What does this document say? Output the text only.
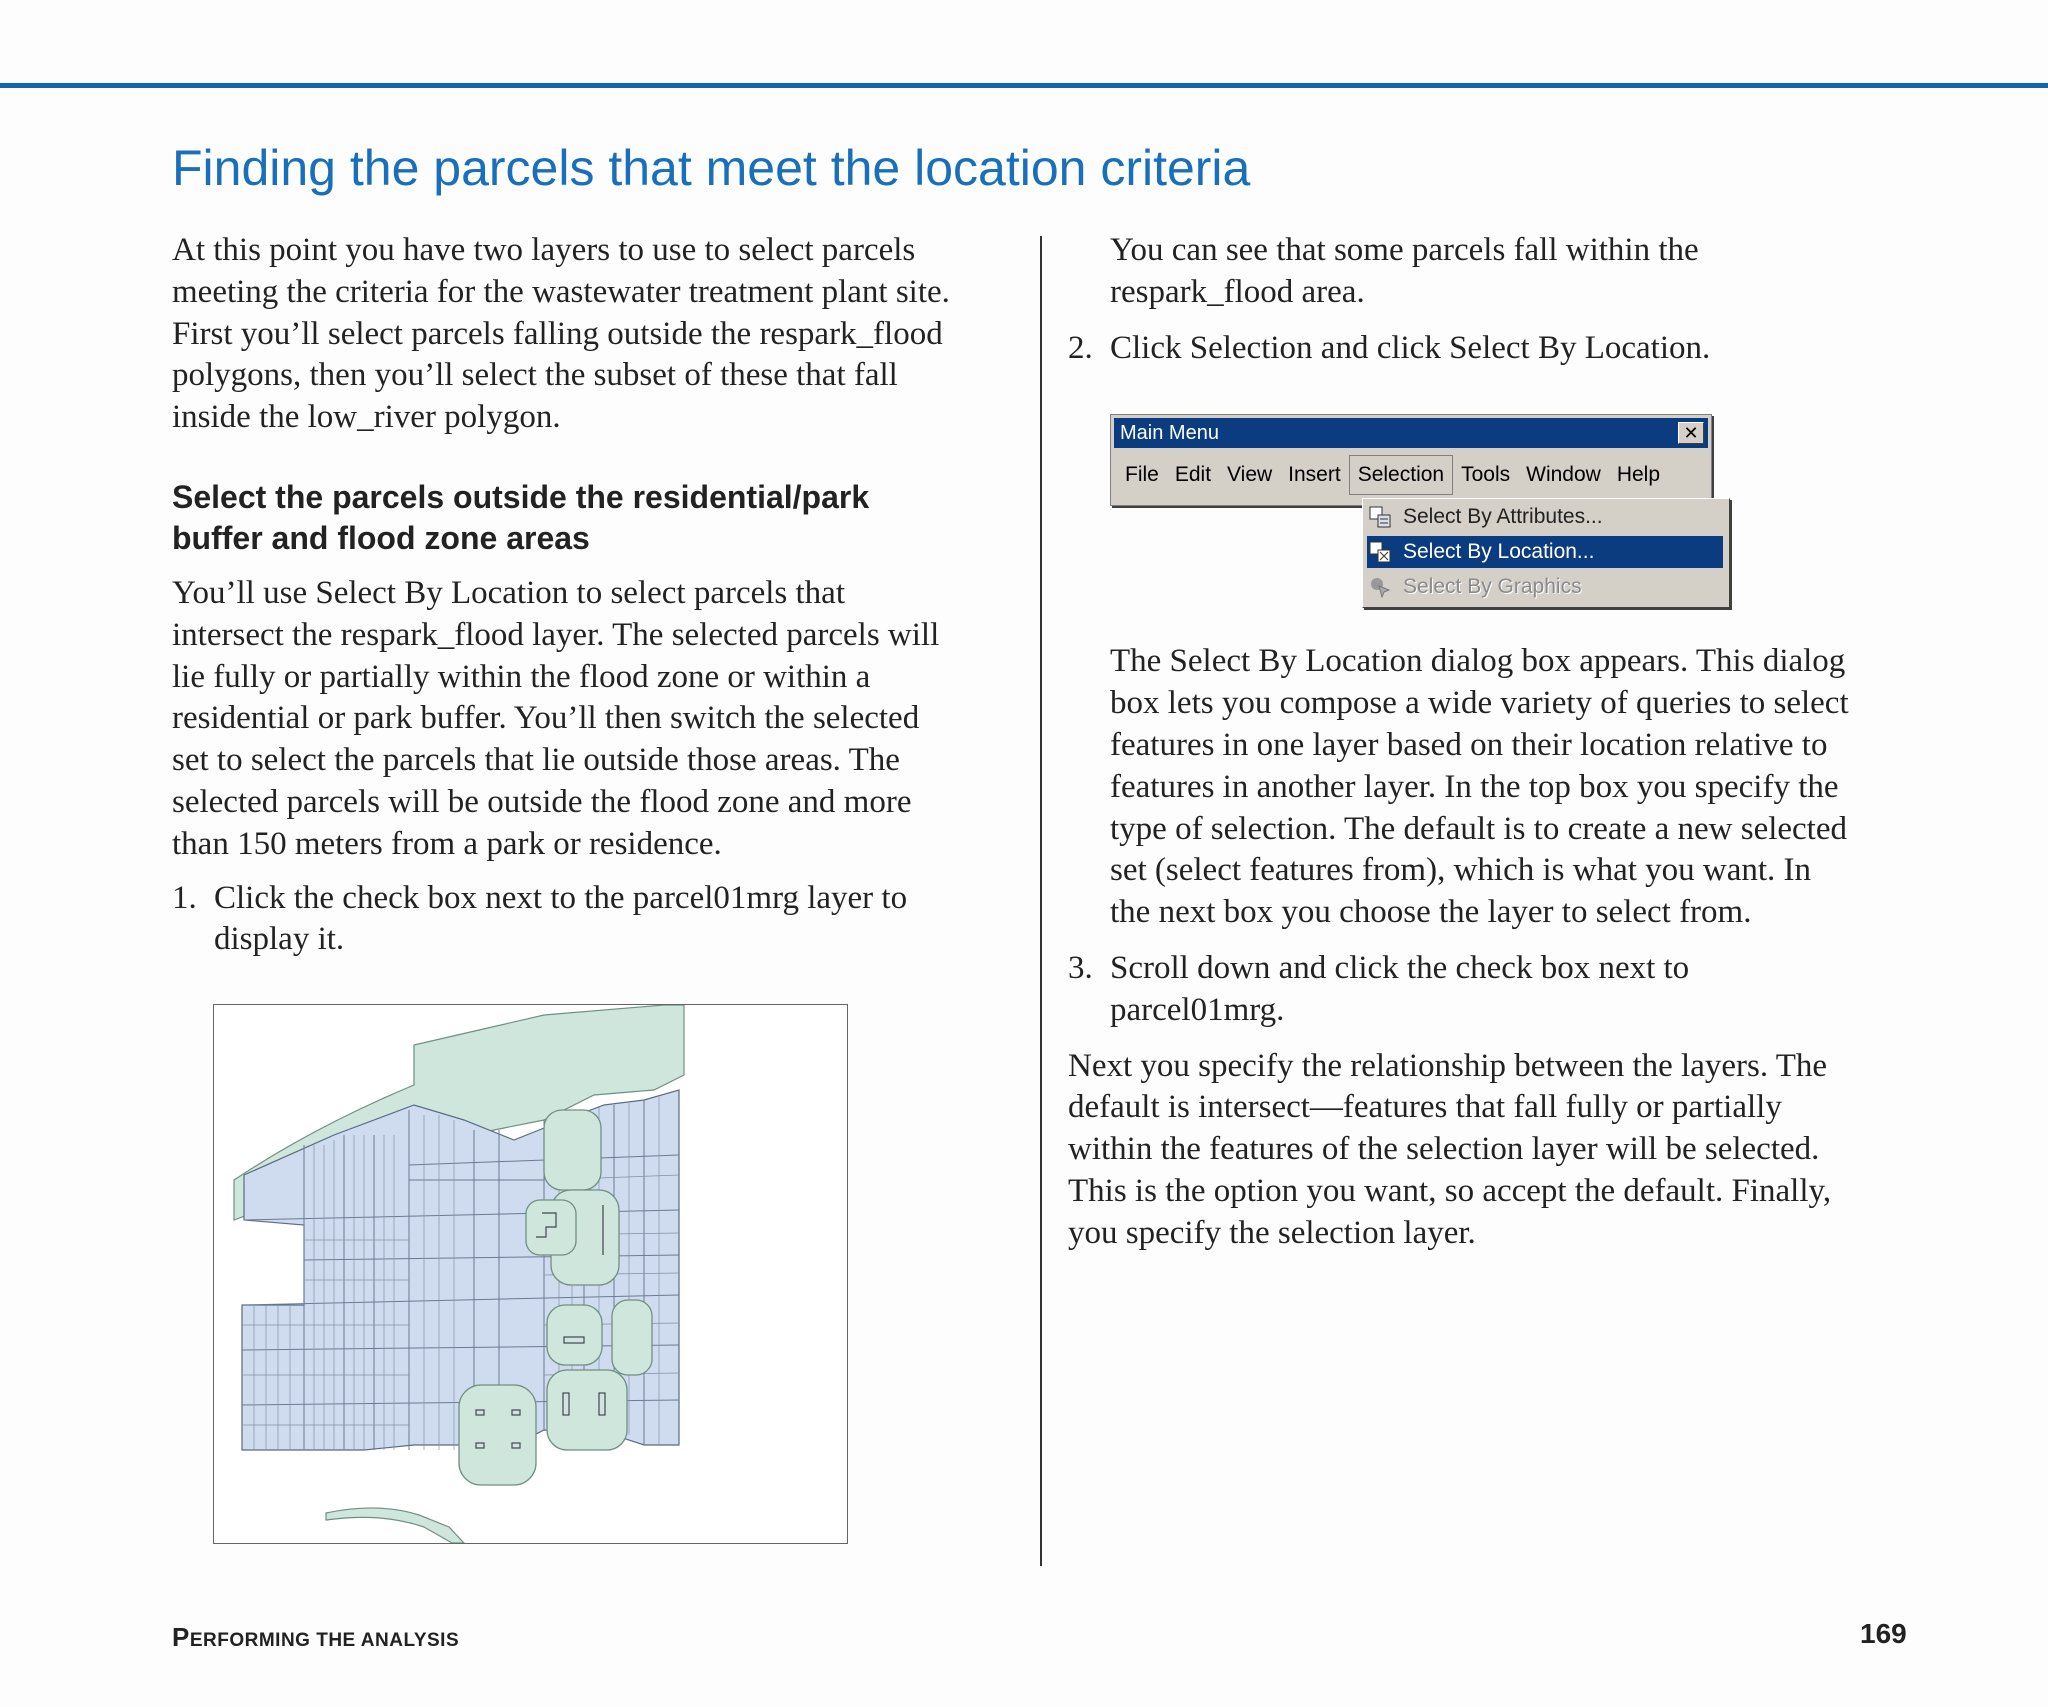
Finding the parcels that meet the location criteria

At this point you have two layers to use to select parcels
meeting the criteria for the wastewater treatment plant site.
First you’ll select parcels falling outside the respark_flood
polygons, then you’ll select the subset of these that fall
inside the low_river polygon.

Select the parcels outside the residential/park
buffer and flood zone areas

You’ll use Select By Location to select parcels that
intersect the respark_flood layer. The selected parcels will
lie fully or partially within the flood zone or within a
residential or park buffer. You’ll then switch the selected
set to select the parcels that lie outside those areas. The
selected parcels will be outside the flood zone and more
than 150 meters from a park or residence.

1. Click the check box next to the parcel01mrg layer to
display it.

You can see that some parcels fall within the
respark_flood area.

2. Click Selection and click Select By Location.

The Select By Location dialog box appears. This dialog
box lets you compose a wide variety of queries to select
features in one layer based on their location relative to
features in another layer. In the top box you specify the
type of selection. The default is to create a new selected
set (select features from), which is what you want. In
the next box you choose the layer to select from.

3. Scroll down and click the check box next to
parcel01mrg.

Next you specify the relationship between the layers. The
default is intersect—features that fall fully or partially
within the features of the selection layer will be selected.
This is the option you want, so accept the default. Finally,
you specify the selection layer.

Main Menu	✕
File Edit View Insert Selection Tools Window Help
Select By Attributes...
Select By Location...
Select By Graphics
PERFORMING THE ANALYSIS	169
